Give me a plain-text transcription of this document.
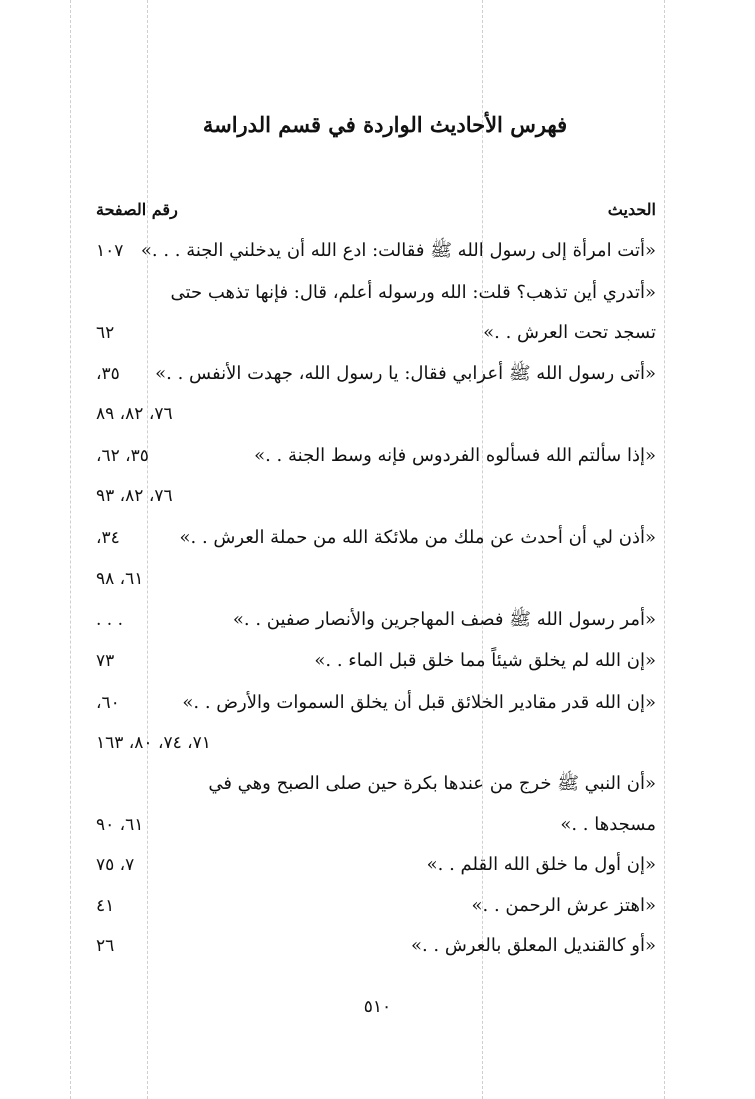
فهرس الأحاديث الواردة في قسم الدراسة
الحديث
رقم الصفحة
«أتت امرأة إلى رسول الله ﷺ فقالت: ادع الله أن يدخلني الجنة . . .»
١٠٧
«أتدري أين تذهب؟ قلت: الله ورسوله أعلم، قال: فإنها تذهب حتى
تسجد تحت العرش . .»
٦٢
«أتى رسول الله ﷺ أعرابي فقال: يا رسول الله، جهدت الأنفس . .»
٣٥،
٧٦، ٨٢، ٨٩
«إذا سألتم الله فسألوه الفردوس فإنه وسط الجنة . .»
٣٥، ٦٢،
٧٦، ٨٢، ٩٣
«أذن لي أن أحدث عن ملك من ملائكة الله من حملة العرش . .»
٣٤،
٦١، ٩٨
«أمر رسول الله ﷺ فصف المهاجرين والأنصار صفين . .»
. . .
«إن الله لم يخلق شيئاً مما خلق قبل الماء . .»
٧٣
«إن الله قدر مقادير الخلائق قبل أن يخلق السموات والأرض . .»
٦٠،
٧١، ٧٤، ٨٠، ١٦٣
«أن النبي ﷺ خرج من عندها بكرة حين صلى الصبح وهي في
مسجدها . .»
٦١، ٩٠
«إن أول ما خلق الله القلم . .»
٧، ٧٥
«اهتز عرش الرحمن . .»
٤١
«أو كالقنديل المعلق بالعرش . .»
٢٦
٥١٠
